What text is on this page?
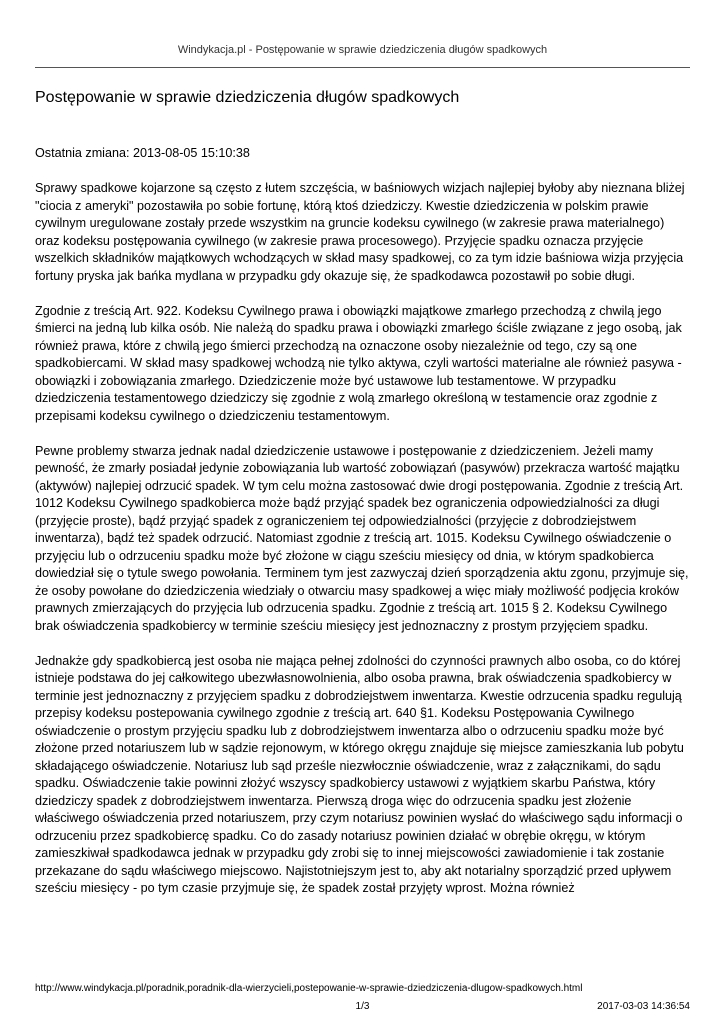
Windykacja.pl - Postępowanie w sprawie dziedziczenia długów spadkowych
Postępowanie w sprawie dziedziczenia długów spadkowych

Ostatnia zmiana: 2013-08-05 15:10:38

Sprawy spadkowe kojarzone są często z łutem szczęścia, w baśniowych wizjach najlepiej byłoby aby nieznana bliżej "ciocia z ameryki" pozostawiła po sobie fortunę, którą ktoś dziedziczy. Kwestie dziedziczenia w polskim prawie cywilnym uregulowane zostały przede wszystkim na gruncie kodeksu cywilnego (w zakresie prawa materialnego) oraz kodeksu postępowania cywilnego (w zakresie prawa procesowego). Przyjęcie spadku oznacza przyjęcie wszelkich składników majątkowych wchodzących w skład masy spadkowej, co za tym idzie baśniowa wizja przyjęcia fortuny pryska jak bańka mydlana w przypadku gdy okazuje się, że spadkodawca pozostawił po sobie długi.

Zgodnie z treścią Art. 922. Kodeksu Cywilnego prawa i obowiązki majątkowe zmarłego przechodzą z chwilą jego śmierci na jedną lub kilka osób. Nie należą do spadku prawa i obowiązki zmarłego ściśle związane z jego osobą, jak również prawa, które z chwilą jego śmierci przechodzą na oznaczone osoby niezależnie od tego, czy są one spadkobiercami. W skład masy spadkowej wchodzą nie tylko aktywa, czyli wartości materialne ale również pasywa - obowiązki i zobowiązania zmarłego. Dziedziczenie może być ustawowe lub testamentowe. W przypadku dziedziczenia testamentowego dziedziczy się zgodnie z wolą zmarłego określoną w testamencie oraz zgodnie z przepisami kodeksu cywilnego o dziedziczeniu testamentowym.

Pewne problemy stwarza jednak nadal dziedziczenie ustawowe i postępowanie z dziedziczeniem. Jeżeli mamy pewność, że zmarły posiadał jedynie zobowiązania lub wartość zobowiązań (pasywów) przekracza wartość majątku (aktywów) najlepiej odrzucić spadek. W tym celu można zastosować dwie drogi postępowania. Zgodnie z treścią Art. 1012 Kodeksu Cywilnego spadkobierca może bądź przyjąć spadek bez ograniczenia odpowiedzialności za długi (przyjęcie proste), bądź przyjąć spadek z ograniczeniem tej odpowiedzialności (przyjęcie z dobrodziejstwem inwentarza), bądź też spadek odrzucić. Natomiast zgodnie z treścią art. 1015. Kodeksu Cywilnego oświadczenie o przyjęciu lub o odrzuceniu spadku może być złożone w ciągu sześciu miesięcy od dnia, w którym spadkobierca dowiedział się o tytule swego powołania. Terminem tym jest zazwyczaj dzień sporządzenia aktu zgonu, przyjmuje się, że osoby powołane do dziedziczenia wiedziały o otwarciu masy spadkowej a więc miały możliwość podjęcia kroków prawnych zmierzających do przyjęcia lub odrzucenia spadku. Zgodnie z treścią art. 1015 § 2. Kodeksu Cywilnego brak oświadczenia spadkobiercy w terminie sześciu miesięcy jest jednoznaczny z prostym przyjęciem spadku.

Jednakże gdy spadkobiercą jest osoba nie mająca pełnej zdolności do czynności prawnych albo osoba, co do której istnieje podstawa do jej całkowitego ubezwłasnowolnienia, albo osoba prawna, brak oświadczenia spadkobiercy w terminie jest jednoznaczny z przyjęciem spadku z dobrodziejstwem inwentarza. Kwestie odrzucenia spadku regulują przepisy kodeksu postepowania cywilnego zgodnie z treścią art. 640 §1. Kodeksu Postępowania Cywilnego oświadczenie o prostym przyjęciu spadku lub z dobrodziejstwem inwentarza albo o odrzuceniu spadku może być złożone przed notariuszem lub w sądzie rejonowym, w którego okręgu znajduje się miejsce zamieszkania lub pobytu składającego oświadczenie. Notariusz lub sąd prześle niezwłocznie oświadczenie, wraz z załącznikami, do sądu spadku. Oświadczenie takie powinni złożyć wszyscy spadkobiercy ustawowi z wyjątkiem skarbu Państwa, który dziedziczy spadek z dobrodziejstwem inwentarza. Pierwszą droga więc do odrzucenia spadku jest złożenie właściwego oświadczenia przed notariuszem, przy czym notariusz powinien wysłać do właściwego sądu informacji o odrzuceniu przez spadkobiercę spadku. Co do zasady notariusz powinien działać w obrębie okręgu, w którym zamieszkiwał spadkodawca jednak w przypadku gdy zrobi się to innej miejscowości zawiadomienie i tak zostanie przekazane do sądu właściwego miejscowo. Najistotniejszym jest to, aby akt notarialny sporządzić przed upływem sześciu miesięcy - po tym czasie przyjmuje się, że spadek został przyjęty wprost. Można również

http://www.windykacja.pl/poradnik,poradnik-dla-wierzycieli,postepowanie-w-sprawie-dziedziczenia-dlugow-spadkowych.html
1/3	2017-03-03 14:36:54
